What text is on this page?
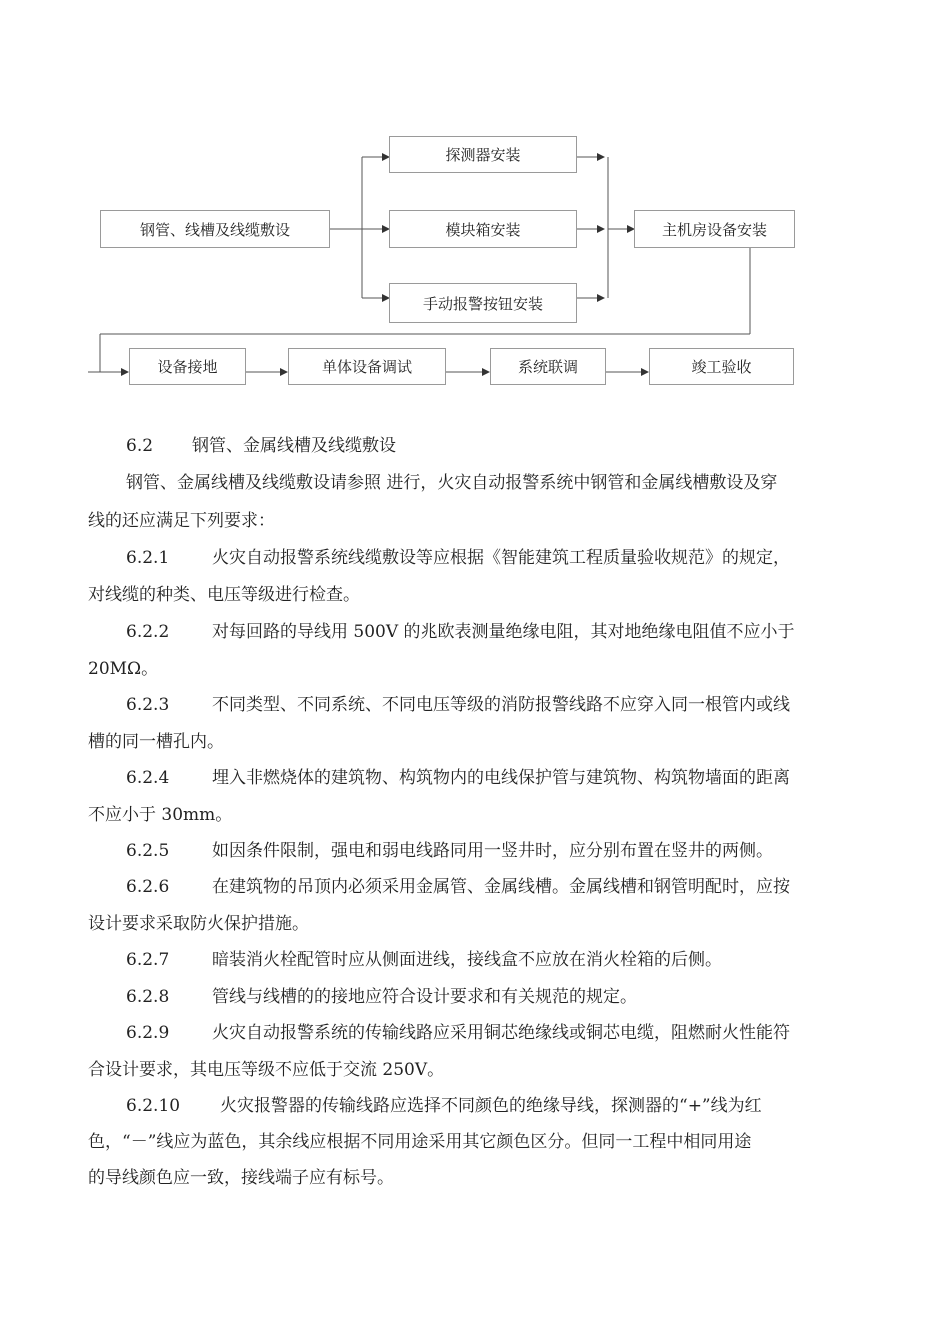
钢管、线槽及线缆敷设
探测器安装
模块箱安装
手动报警按钮安装
主机房设备安装
设备接地	单体设备调试	系统联调	竣工验收
6.2 钢管、金属线槽及线缆敷设
钢管、金属线槽及线缆敷设请参照 进行，火灾自动报警系统中钢管和金属线槽敷设及穿
线的还应满足下列要求：
6.2.1	火灾自动报警系统线缆敷设等应根据《智能建筑工程质量验收规范》的规定，
对线缆的种类、电压等级进行检查。
6.2.2	对每回路的导线用 500V 的兆欧表测量绝缘电阻，其对地绝缘电阻值不应小于
20MΩ。
6.2.3	不同类型、不同系统、不同电压等级的消防报警线路不应穿入同一根管内或线
槽的同一槽孔内。
6.2.4	埋入非燃烧体的建筑物、构筑物内的电线保护管与建筑物、构筑物墙面的距离
不应小于 30mm。
6.2.5	如因条件限制，强电和弱电线路同用一竖井时，应分别布置在竖井的两侧。
6.2.6	在建筑物的吊顶内必须采用金属管、金属线槽。金属线槽和钢管明配时，应按
设计要求采取防火保护措施。
6.2.7	暗装消火栓配管时应从侧面进线，接线盒不应放在消火栓箱的后侧。
6.2.8	管线与线槽的的接地应符合设计要求和有关规范的规定。
6.2.9	火灾自动报警系统的传输线路应采用铜芯绝缘线或铜芯电缆，阻燃耐火性能符
合设计要求，其电压等级不应低于交流 250V。
6.2.10 火灾报警器的传输线路应选择不同颜色的绝缘导线，探测器的“+”线为红
色，“－”线应为蓝色，其余线应根据不同用途采用其它颜色区分。但同一工程中相同用途
的导线颜色应一致，接线端子应有标号。
